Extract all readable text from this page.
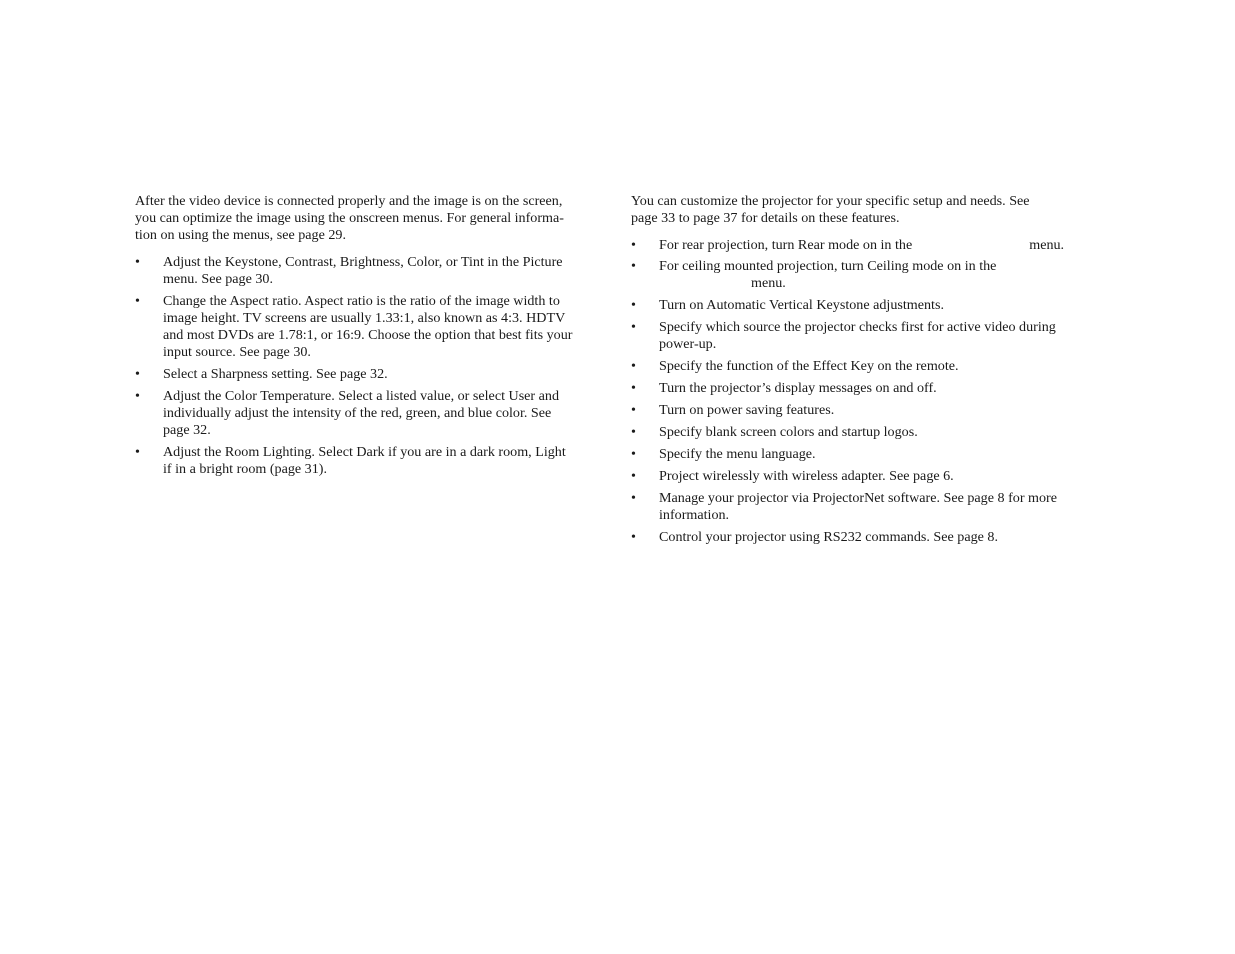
After the video device is connected properly and the image is on the screen,
you can optimize the image using the onscreen menus. For general informa-
tion on using the menus, see page 29.

• Adjust the Keystone, Contrast, Brightness, Color, or Tint in the Picture
menu. See page 30.
• Change the Aspect ratio. Aspect ratio is the ratio of the image width to
image height. TV screens are usually 1.33:1, also known as 4:3. HDTV
and most DVDs are 1.78:1, or 16:9. Choose the option that best fits your
input source. See page 30.
• Select a Sharpness setting. See page 32.
• Adjust the Color Temperature. Select a listed value, or select User and
individually adjust the intensity of the red, green, and blue color. See
page 32.
• Adjust the Room Lighting. Select Dark if you are in a dark room, Light
if in a bright room (page 31).

You can customize the projector for your specific setup and needs. See
page 33 to page 37 for details on these features.

• For rear projection, turn Rear mode on in the	menu.
• For ceiling mounted projection, turn Ceiling mode on in the
menu.
• Turn on Automatic Vertical Keystone adjustments.
• Specify which source the projector checks first for active video during
power-up.
• Specify the function of the Effect Key on the remote.
• Turn the projector’s display messages on and off.
• Turn on power saving features.
• Specify blank screen colors and startup logos.
• Specify the menu language.
• Project wirelessly with wireless adapter. See page 6.
• Manage your projector via ProjectorNet software. See page 8 for more
information.
• Control your projector using RS232 commands. See page 8.
